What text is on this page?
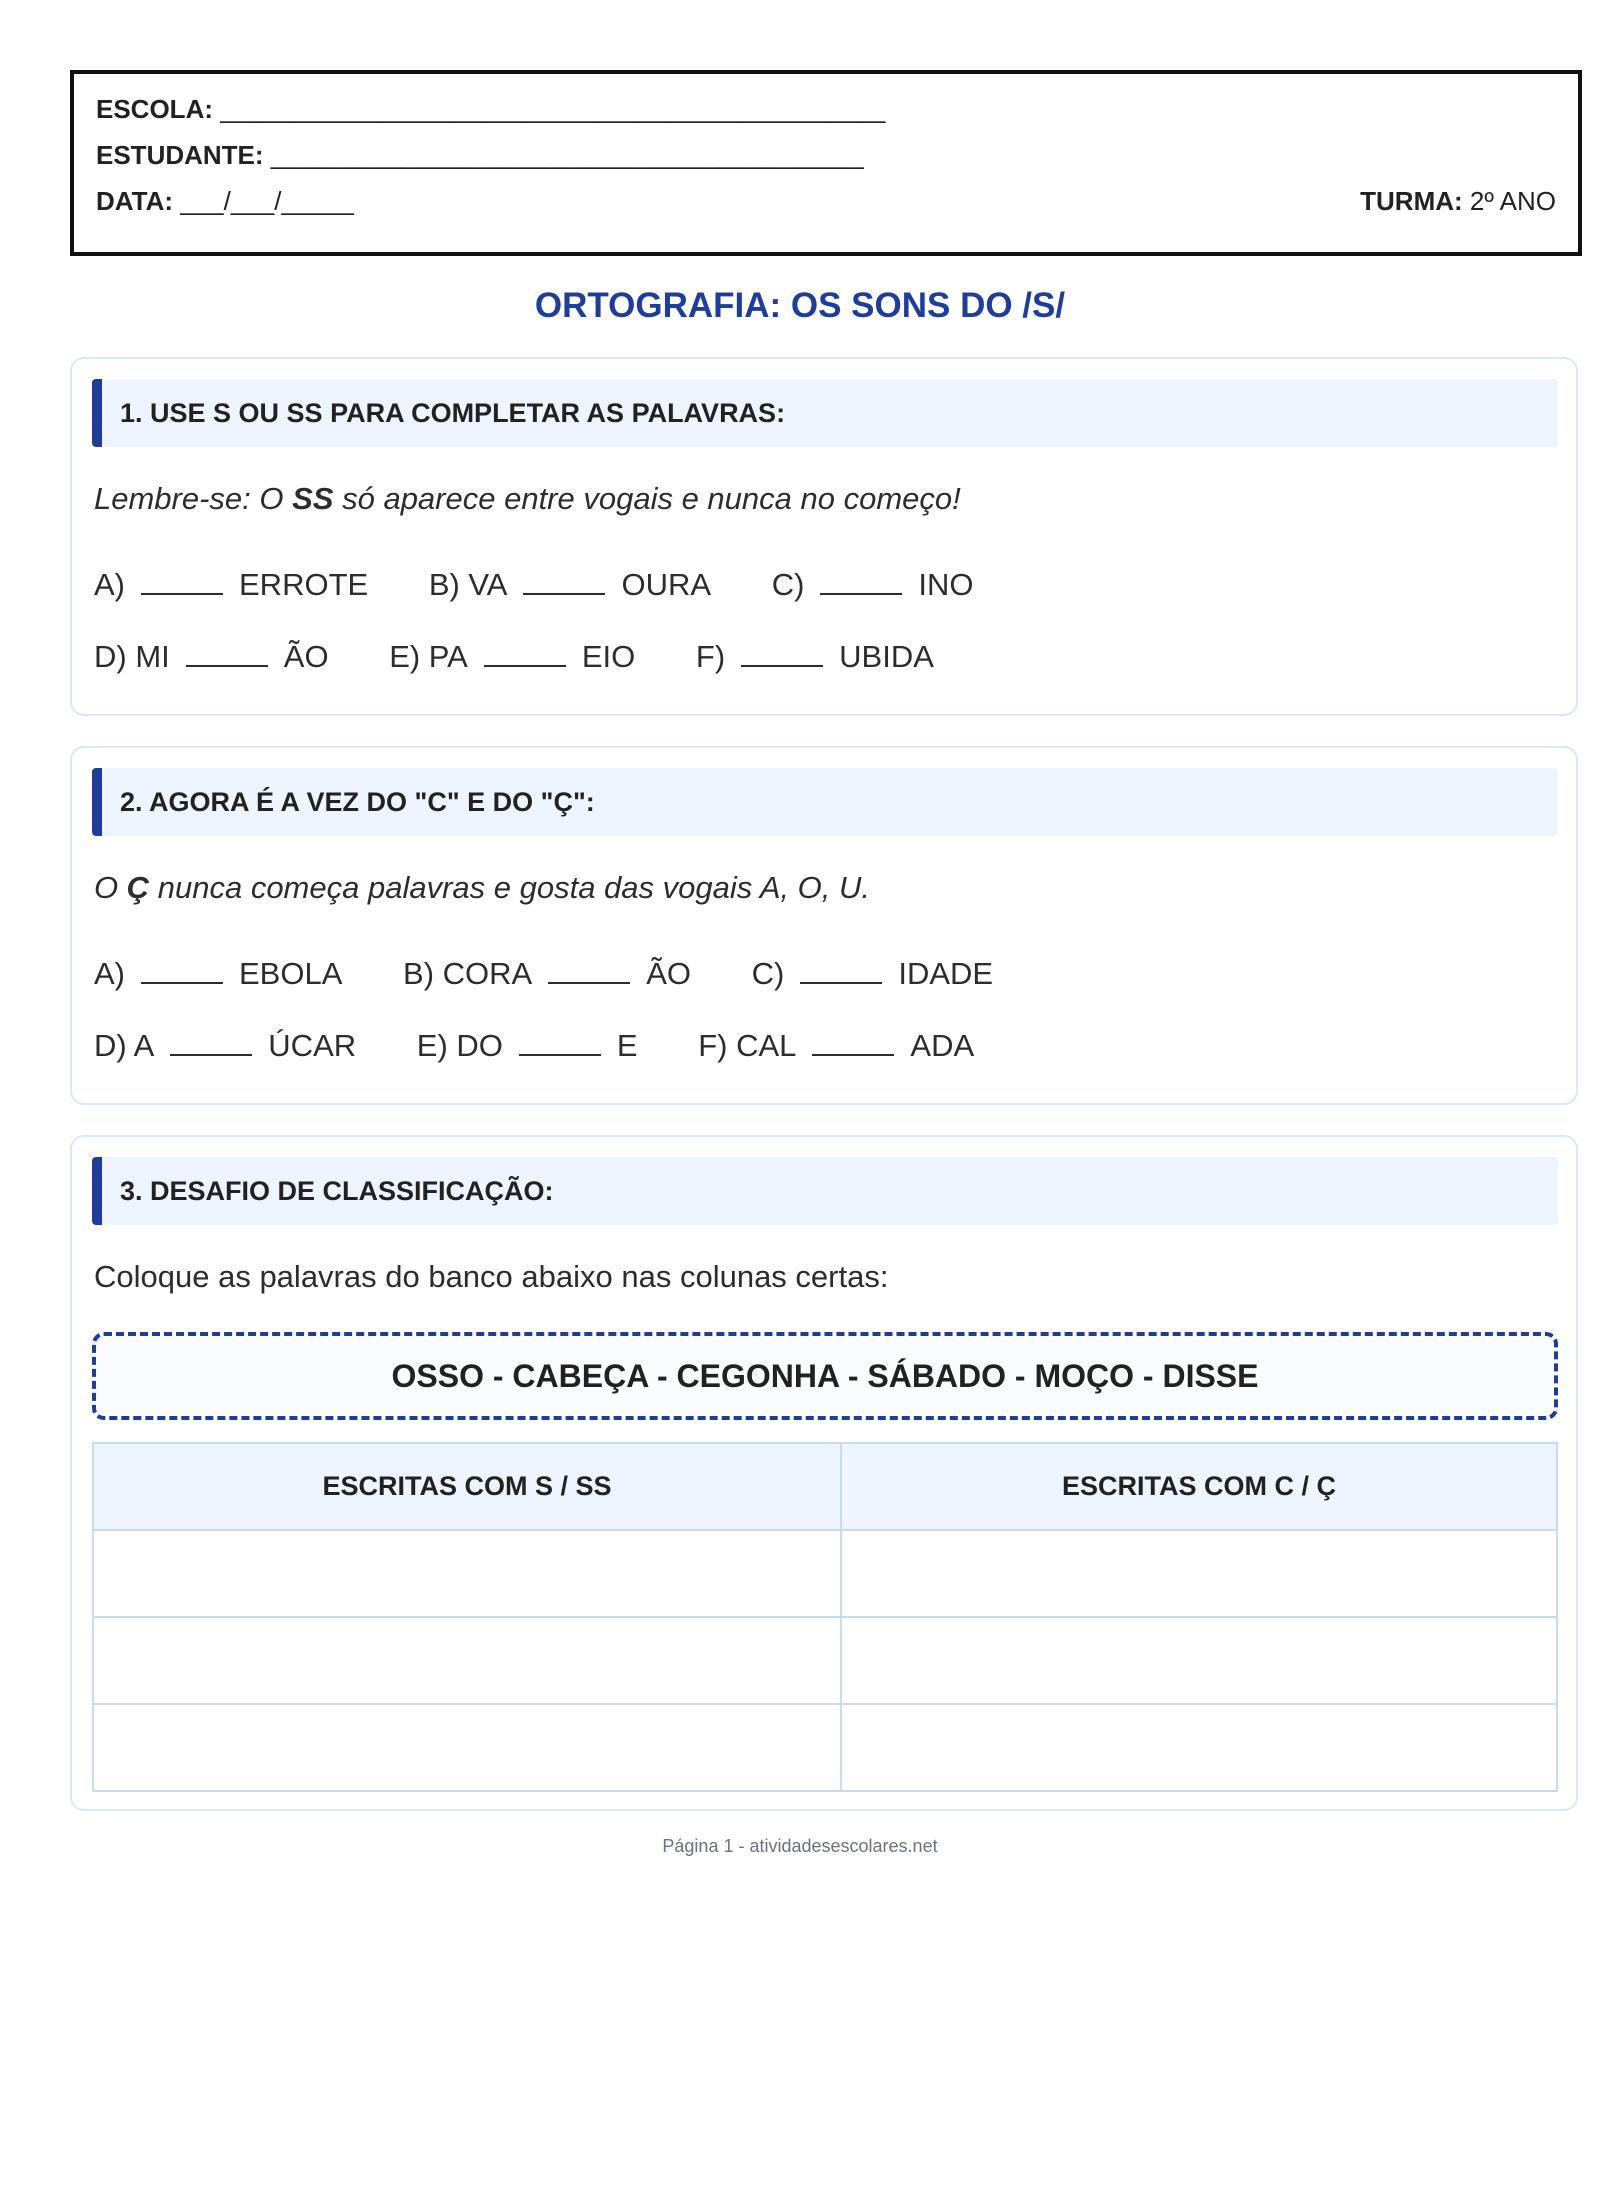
ESCOLA: ______________________________________________
ESTUDANTE: _________________________________________
DATA: ___/___/_____	TURMA: 2º ANO
ORTOGRAFIA: OS SONS DO /S/
1. USE S OU SS PARA COMPLETAR AS PALAVRAS:
Lembre-se: O SS só aparece entre vogais e nunca no começo!
A)	ERROTE B) VA	OURA C)	INO
D) MI	ÃO E) PA	EIO F)	UBIDA
2. AGORA É A VEZ DO "C" E DO "Ç":
O Ç nunca começa palavras e gosta das vogais A, O, U.
A)	EBOLA B) CORA	ÃO C)	IDADE
D) A	ÚCAR E) DO	E F) CAL	ADA
3. DESAFIO DE CLASSIFICAÇÃO:
Coloque as palavras do banco abaixo nas colunas certas:
OSSO - CABEÇA - CEGONHA - SÁBADO - MOÇO - DISSE
ESCRITAS COM S / SS	ESCRITAS COM C / Ç

Página 1 - atividadesescolares.net
